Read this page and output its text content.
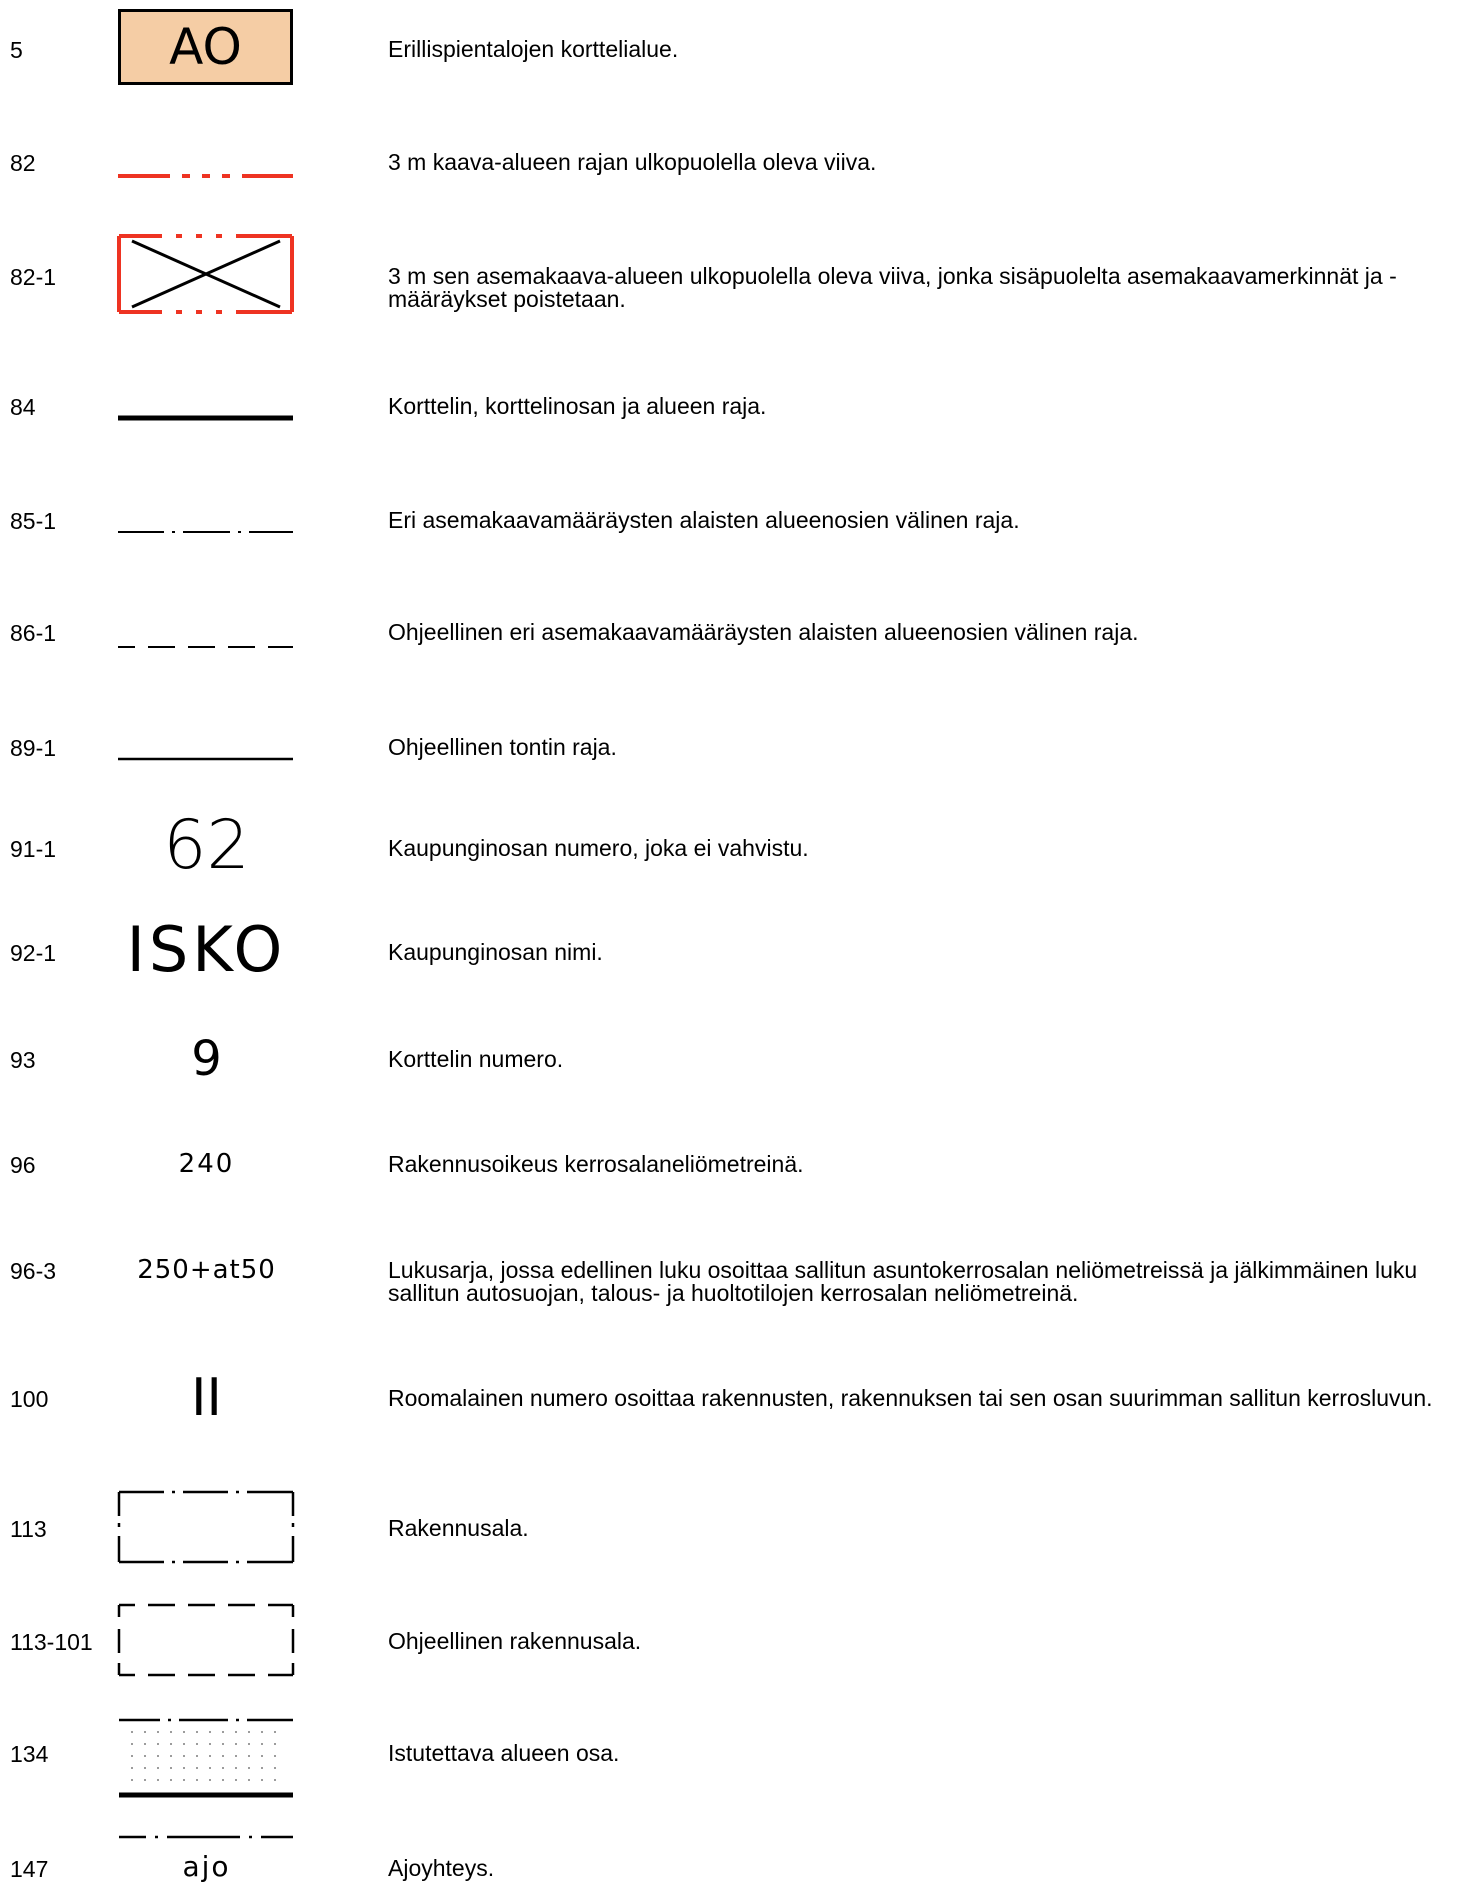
5	AO	Erillispientalojen korttelialue.
82	3 m kaava-alueen rajan ulkopuolella oleva viiva.
82-1	3 m sen asemakaava-alueen ulkopuolella oleva viiva, jonka sisäpuolelta asemakaavamerkinnät ja -määräykset poistetaan.
84	Korttelin, korttelinosan ja alueen raja.
85-1	Eri asemakaavamääräysten alaisten alueenosien välinen raja.
86-1	Ohjeellinen eri asemakaavamääräysten alaisten alueenosien välinen raja.
89-1	Ohjeellinen tontin raja.
91-1	62	Kaupunginosan numero, joka ei vahvistu.
92-1 ISKO	Kaupunginosan nimi.
93	9	Korttelin numero.
96	240	Rakennusoikeus kerrosalaneliömetreinä.
96-3	250+at50	Lukusarja, jossa edellinen luku osoittaa sallitun asuntokerrosalan neliömetreissä ja jälkimmäinen luku sallitun autosuojan, talous- ja huoltotilojen kerrosalan neliömetreinä.
100	II	Roomalainen numero osoittaa rakennusten, rakennuksen tai sen osan suurimman sallitun kerrosluvun.
113	Rakennusala.
113-101	Ohjeellinen rakennusala.
134	Istutettava alueen osa.
147	ajo	Ajoyhteys.
